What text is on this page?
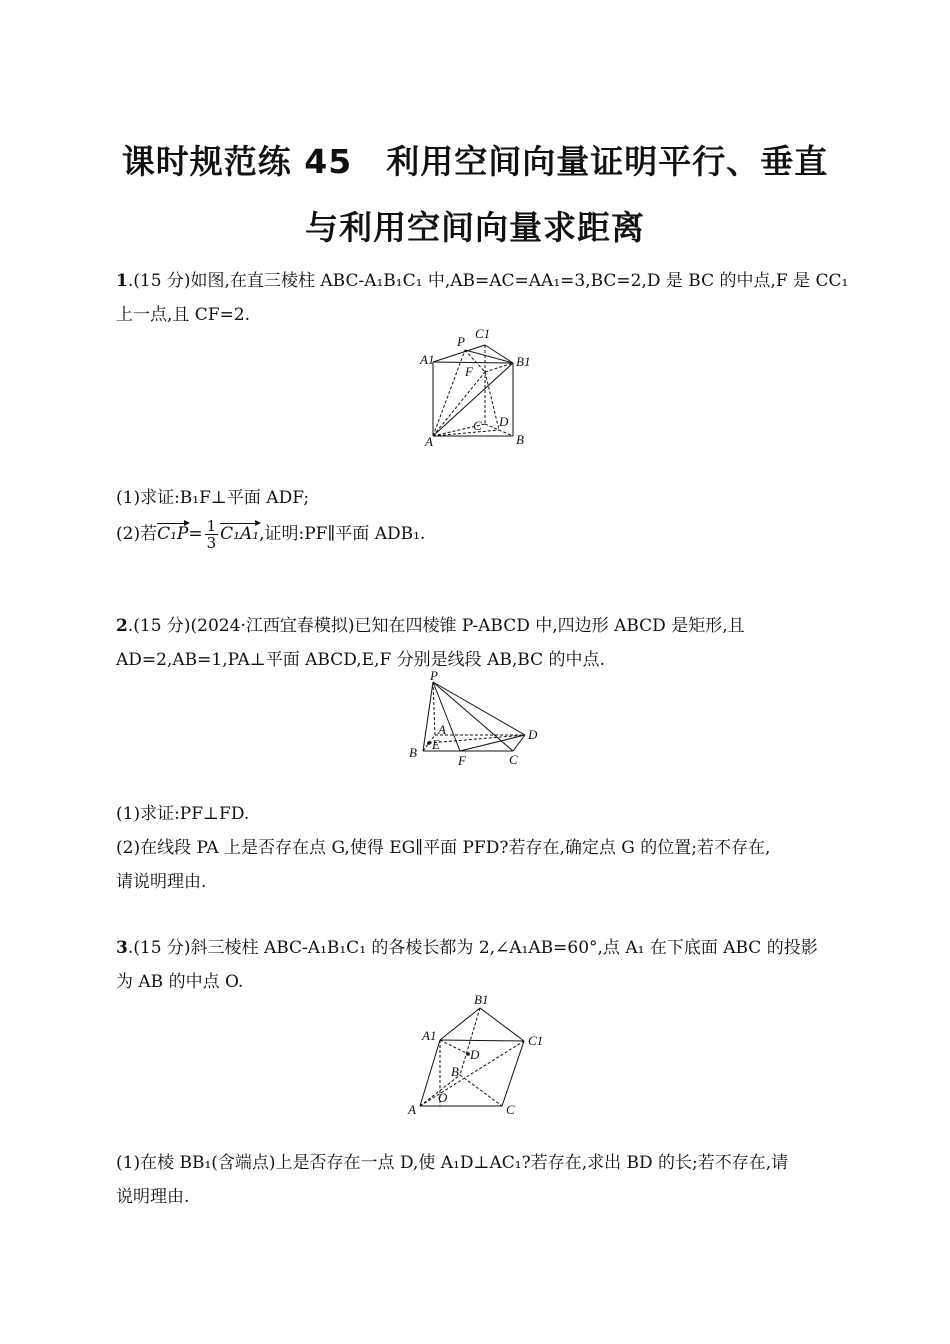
课时规范练 45　利用空间向量证明平行、垂直
与利用空间向量求距离
1.(15 分)如图,在直三棱柱 ABC-A₁B₁C₁ 中,AB=AC=AA₁=3,BC=2,D 是 BC 的中点,F 是 CC₁
上一点,且 CF=2.
P
C1
A1	B1
F
C D
A	B
(1)求证:B₁F⊥平面 ADF;
(2)若$C_1P= \frac{1}{3} C_1A_1$,证明:PF∥平面 ADB₁.
2.(15 分)(2024·江西宜春模拟)已知在四棱锥 P-ABCD 中,四边形 ABCD 是矩形,且
AD=2,AB=1,PA⊥平面 ABCD,E,F 分别是线段 AB,BC 的中点.
P
A	D
B
E
F	C
(1)求证:PF⊥FD.
(2)在线段 PA 上是否存在点 G,使得 EG∥平面 PFD?若存在,确定点 G 的位置;若不存在,
请说明理由.
3.(15 分)斜三棱柱 ABC-A₁B₁C₁ 的各棱长都为 2,∠A₁AB=60°,点 A₁ 在下底面 ABC 的投影
为 AB 的中点 O.
B1
A1	C1
D
B
A
O
C
(1)在棱 BB₁(含端点)上是否存在一点 D,使 A₁D⊥AC₁?若存在,求出 BD 的长;若不存在,请
说明理由.
